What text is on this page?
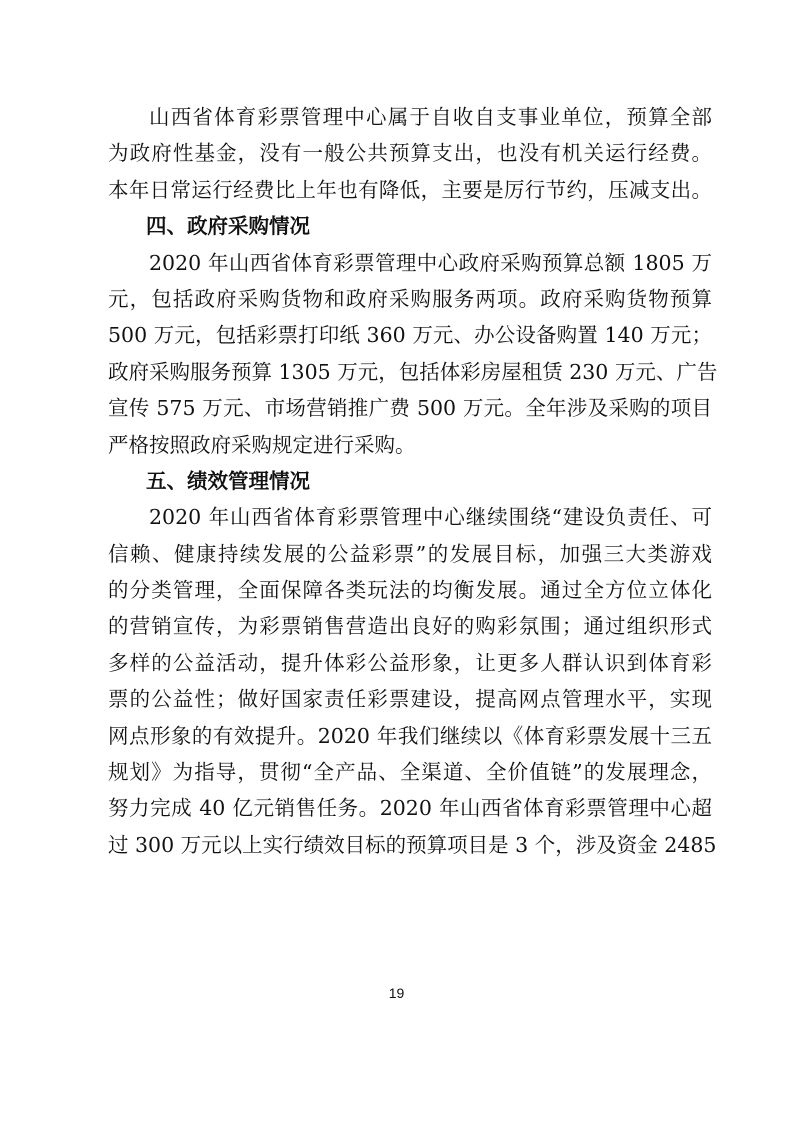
山西省体育彩票管理中心属于自收自支事业单位，预算全部
为政府性基金，没有一般公共预算支出，也没有机关运行经费。
本年日常运行经费比上年也有降低，主要是厉行节约，压减支出。
四、政府采购情况
2020 年山西省体育彩票管理中心政府采购预算总额 1805 万
元，包括政府采购货物和政府采购服务两项。政府采购货物预算
500 万元，包括彩票打印纸 360 万元、办公设备购置 140 万元；
政府采购服务预算 1305 万元，包括体彩房屋租赁 230 万元、广告
宣传 575 万元、市场营销推广费 500 万元。全年涉及采购的项目
严格按照政府采购规定进行采购。
五、绩效管理情况
2020 年山西省体育彩票管理中心继续围绕“建设负责任、可
信赖、健康持续发展的公益彩票”的发展目标，加强三大类游戏
的分类管理，全面保障各类玩法的均衡发展。通过全方位立体化
的营销宣传，为彩票销售营造出良好的购彩氛围；通过组织形式
多样的公益活动，提升体彩公益形象，让更多人群认识到体育彩
票的公益性；做好国家责任彩票建设，提高网点管理水平，实现
网点形象的有效提升。2020 年我们继续以《体育彩票发展十三五
规划》为指导，贯彻“全产品、全渠道、全价值链”的发展理念，
努力完成 40 亿元销售任务。2020 年山西省体育彩票管理中心超
过 300 万元以上实行绩效目标的预算项目是 3 个，涉及资金 2485
19
